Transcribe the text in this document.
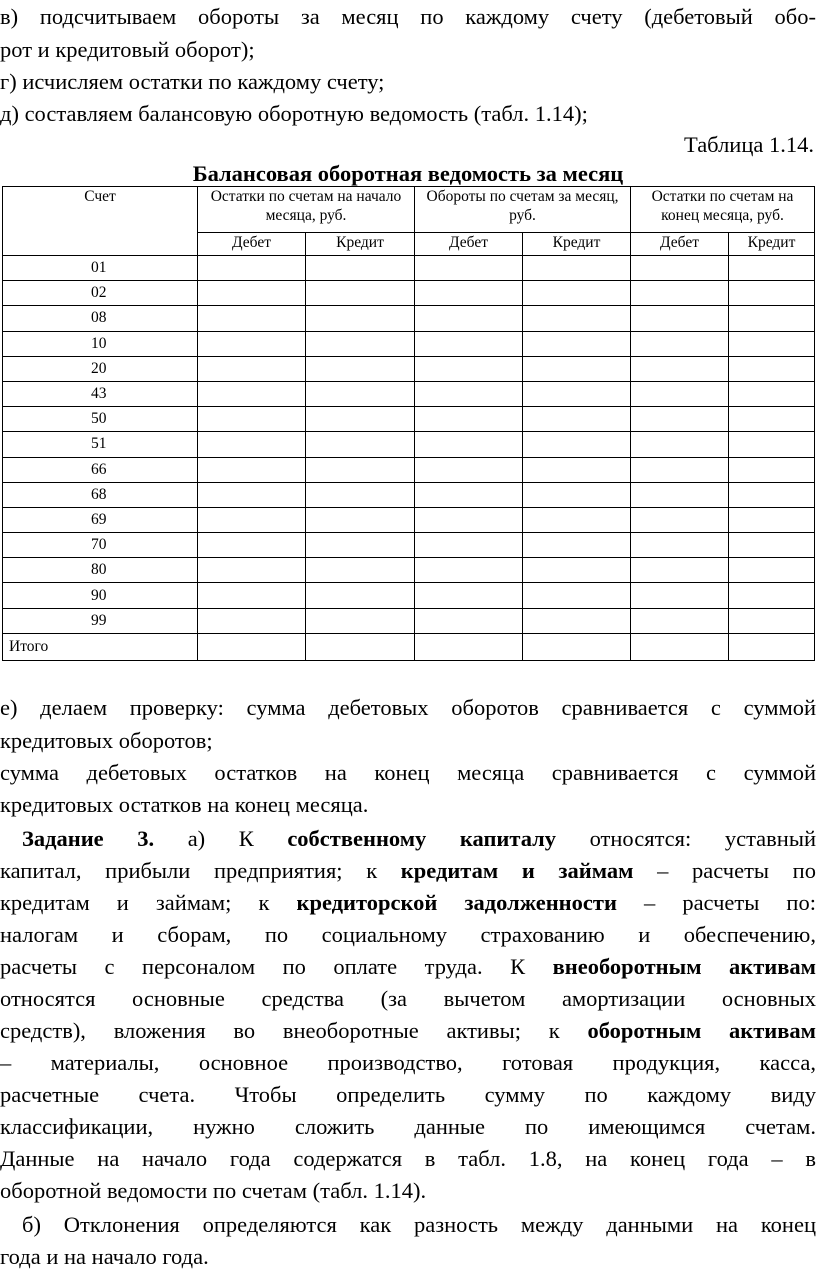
в) подсчитываем обороты за месяц по каждому счету (дебетовый обо-
рот и кредитовый оборот);
г) исчисляем остатки по каждому счету;
д) составляем балансовую оборотную ведомость (табл. 1.14);
Таблица 1.14.
Балансовая оборотная ведомость за месяц
Счет	Остатки по счетам на начало месяца, руб.		Обороты по счетам за месяц, руб.		Остатки по счетам на конец месяца, руб.	
	Дебет	Кредит	Дебет	Кредит	Дебет	Кредит
01						
02						
08						
10						
20						
43						
50						
51						
66						
68						
69						
70						
80						
90						
99						
Итого						
е) делаем проверку: сумма дебетовых оборотов сравнивается с суммой
кредитовых оборотов;
сумма дебетовых остатков на конец месяца сравнивается с суммой
кредитовых остатков на конец месяца.
Задание 3. а) К собственному капиталу относятся: уставный
капитал, прибыли предприятия; к кредитам и займам – расчеты по
кредитам и займам; к кредиторской задолженности – расчеты по:
налогам и сборам, по социальному страхованию и обеспечению,
расчеты с персоналом по оплате труда. К внеоборотным активам
относятся основные средства (за вычетом амортизации основных
средств), вложения во внеоборотные активы; к оборотным активам
– материалы, основное производство, готовая продукция, касса,
расчетные счета. Чтобы определить сумму по каждому виду
классификации, нужно сложить данные по имеющимся счетам.
Данные на начало года содержатся в табл. 1.8, на конец года – в
оборотной ведомости по счетам (табл. 1.14).
б) Отклонения определяются как разность между данными на конец
года и на начало года.
